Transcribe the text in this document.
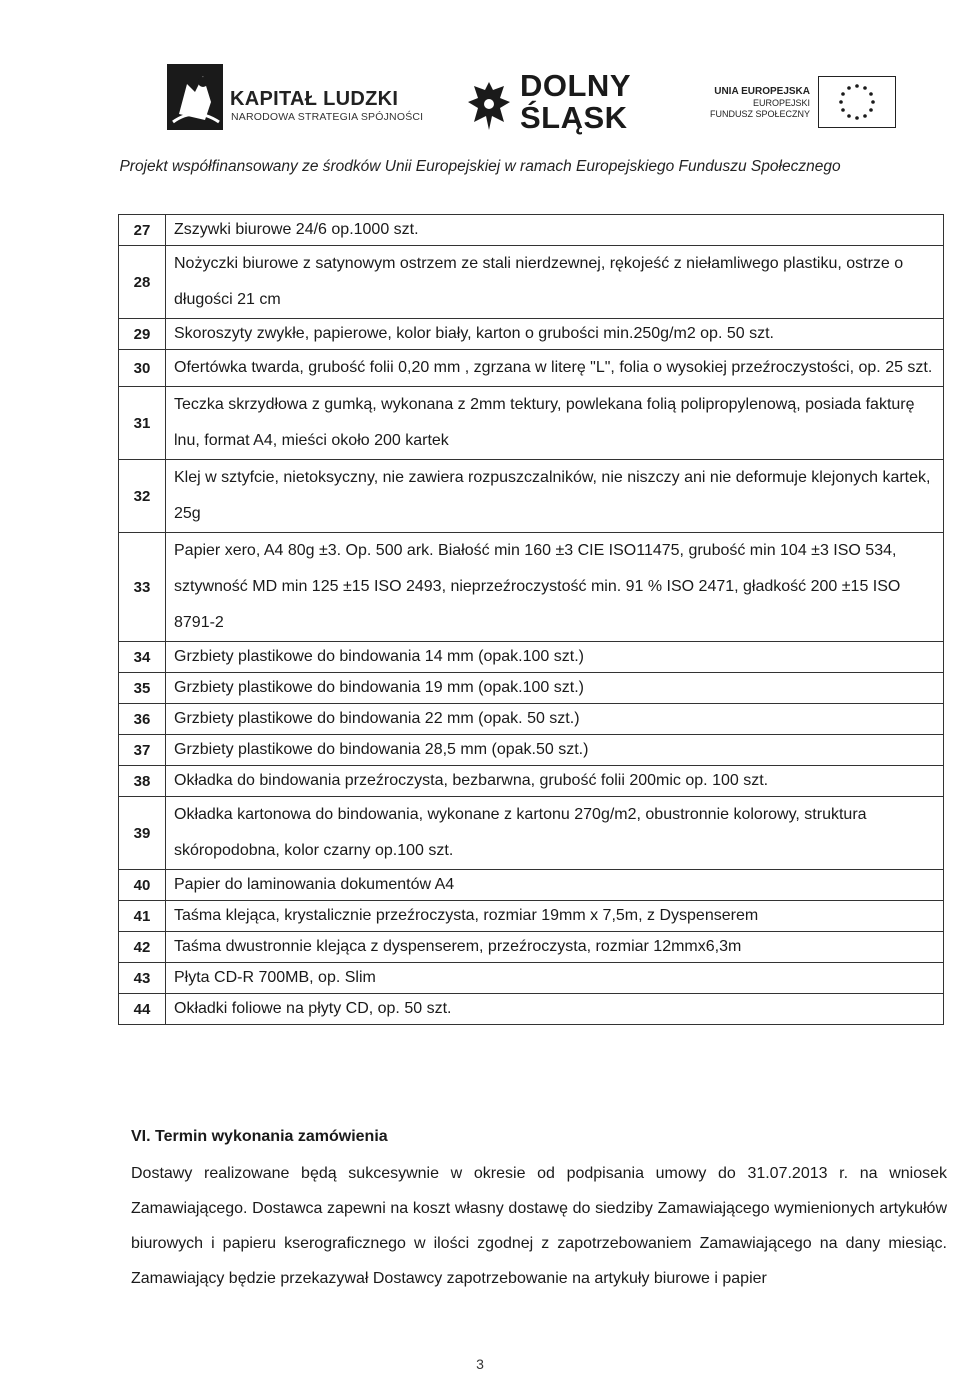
KAPITAŁ LUDZKI
NARODOWA STRATEGIA SPÓJNOŚCI
DOLNY
ŚLĄSK
UNIA EUROPEJSKA
EUROPEJSKI
FUNDUSZ SPOŁECZNY
Projekt współfinansowany ze środków Unii Europejskiej w ramach Europejskiego Funduszu Społecznego
27	Zszywki biurowe 24/6 op.1000 szt.
28	Nożyczki biurowe z satynowym ostrzem ze stali nierdzewnej, rękojeść z niełamliwego plastiku, ostrze o długości 21 cm
29	Skoroszyty zwykłe, papierowe, kolor biały, karton o grubości min.250g/m2 op. 50 szt.
30	Ofertówka twarda, grubość folii 0,20 mm , zgrzana w literę "L", folia o wysokiej przeźroczystości, op. 25 szt.
31	Teczka skrzydłowa z gumką, wykonana z 2mm tektury, powlekana folią polipropylenową, posiada fakturę lnu, format A4, mieści około 200 kartek
32	Klej w sztyfcie, nietoksyczny, nie zawiera rozpuszczalników, nie niszczy ani nie deformuje klejonych kartek, 25g
33	Papier xero, A4 80g ±3. Op. 500 ark. Białość min 160 ±3 CIE ISO11475, grubość min 104 ±3 ISO 534, sztywność MD min 125 ±15 ISO 2493, nieprzeźroczystość min. 91 % ISO 2471, gładkość 200 ±15 ISO 8791-2
34	Grzbiety plastikowe do bindowania 14 mm (opak.100 szt.)
35	Grzbiety plastikowe do bindowania 19 mm (opak.100 szt.)
36	Grzbiety plastikowe do bindowania 22 mm (opak. 50 szt.)
37	Grzbiety plastikowe do bindowania 28,5 mm (opak.50 szt.)
38	Okładka do bindowania przeźroczysta, bezbarwna, grubość folii 200mic op. 100 szt.
39	Okładka kartonowa do bindowania, wykonane z kartonu 270g/m2, obustronnie kolorowy, struktura skóropodobna, kolor czarny op.100 szt.
40	Papier do laminowania dokumentów A4
41	Taśma klejąca, krystalicznie przeźroczysta, rozmiar 19mm x 7,5m, z Dyspenserem
42	Taśma dwustronnie klejąca z dyspenserem, przeźroczysta, rozmiar 12mmx6,3m
43	Płyta CD-R 700MB, op. Slim
44	Okładki foliowe na płyty CD, op. 50 szt.
VI. Termin wykonania zamówienia
Dostawy realizowane będą sukcesywnie w okresie od podpisania umowy do 31.07.2013 r. na wniosek Zamawiającego. Dostawca zapewni na koszt własny dostawę do siedziby Zamawiającego wymienionych artykułów biurowych i papieru kserograficznego w ilości zgodnej z zapotrzebowaniem Zamawiającego na dany miesiąc. Zamawiający będzie przekazywał Dostawcy zapotrzebowanie na artykuły biurowe i papier
3
